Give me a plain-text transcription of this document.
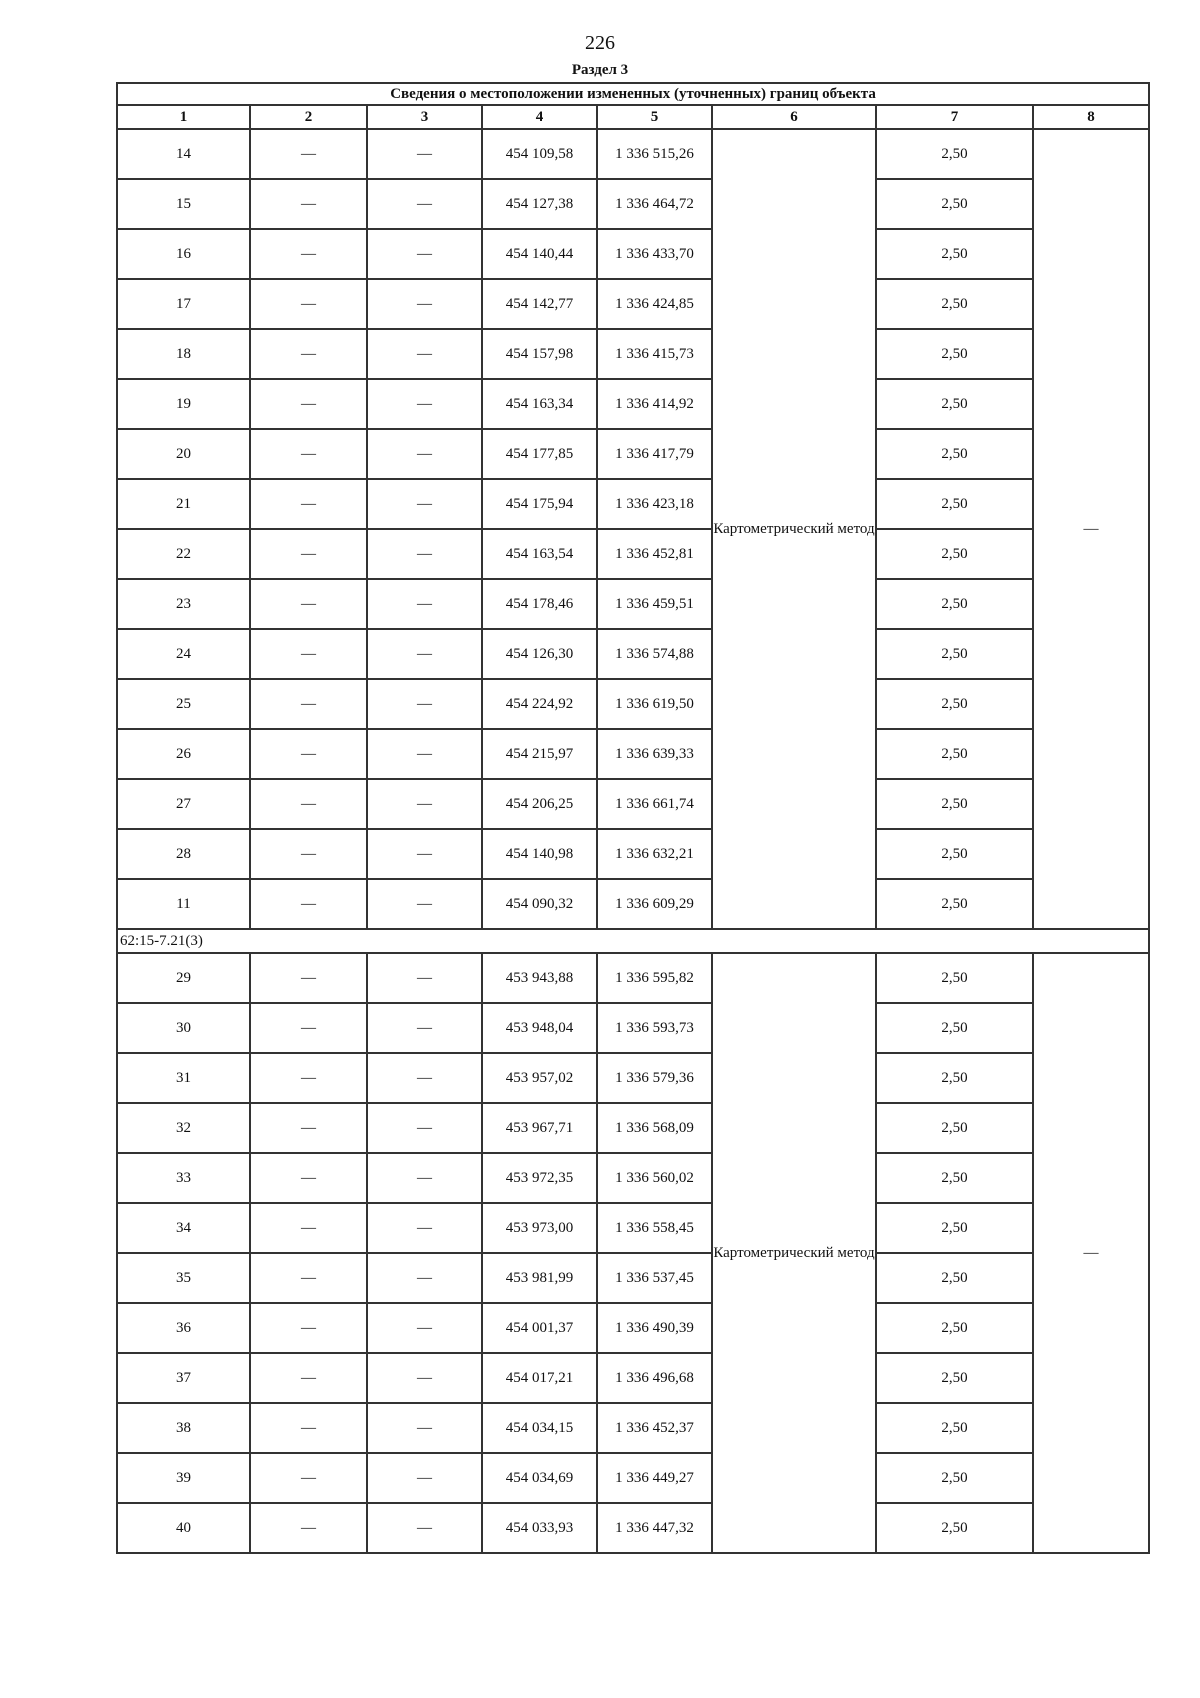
226
Раздел 3
Сведения о местоположении измененных (уточненных) границ объекта							
1	2	3	4	5	6	7	8
14	—	—	454 109,58	1 336 515,26	Картометрический метод	2,50	—
15	—	—	454 127,38	1 336 464,72		2,50	
16	—	—	454 140,44	1 336 433,70		2,50	
17	—	—	454 142,77	1 336 424,85		2,50	
18	—	—	454 157,98	1 336 415,73		2,50	
19	—	—	454 163,34	1 336 414,92		2,50	
20	—	—	454 177,85	1 336 417,79		2,50	
21	—	—	454 175,94	1 336 423,18		2,50	
22	—	—	454 163,54	1 336 452,81		2,50	
23	—	—	454 178,46	1 336 459,51		2,50	
24	—	—	454 126,30	1 336 574,88		2,50	
25	—	—	454 224,92	1 336 619,50		2,50	
26	—	—	454 215,97	1 336 639,33		2,50	
27	—	—	454 206,25	1 336 661,74		2,50	
28	—	—	454 140,98	1 336 632,21		2,50	
11	—	—	454 090,32	1 336 609,29		2,50	
62:15-7.21(3)							
29	—	—	453 943,88	1 336 595,82	Картометрический метод	2,50	—
30	—	—	453 948,04	1 336 593,73		2,50	
31	—	—	453 957,02	1 336 579,36		2,50	
32	—	—	453 967,71	1 336 568,09		2,50	
33	—	—	453 972,35	1 336 560,02		2,50	
34	—	—	453 973,00	1 336 558,45		2,50	
35	—	—	453 981,99	1 336 537,45		2,50	
36	—	—	454 001,37	1 336 490,39		2,50	
37	—	—	454 017,21	1 336 496,68		2,50	
38	—	—	454 034,15	1 336 452,37		2,50	
39	—	—	454 034,69	1 336 449,27		2,50	
40	—	—	454 033,93	1 336 447,32		2,50	
